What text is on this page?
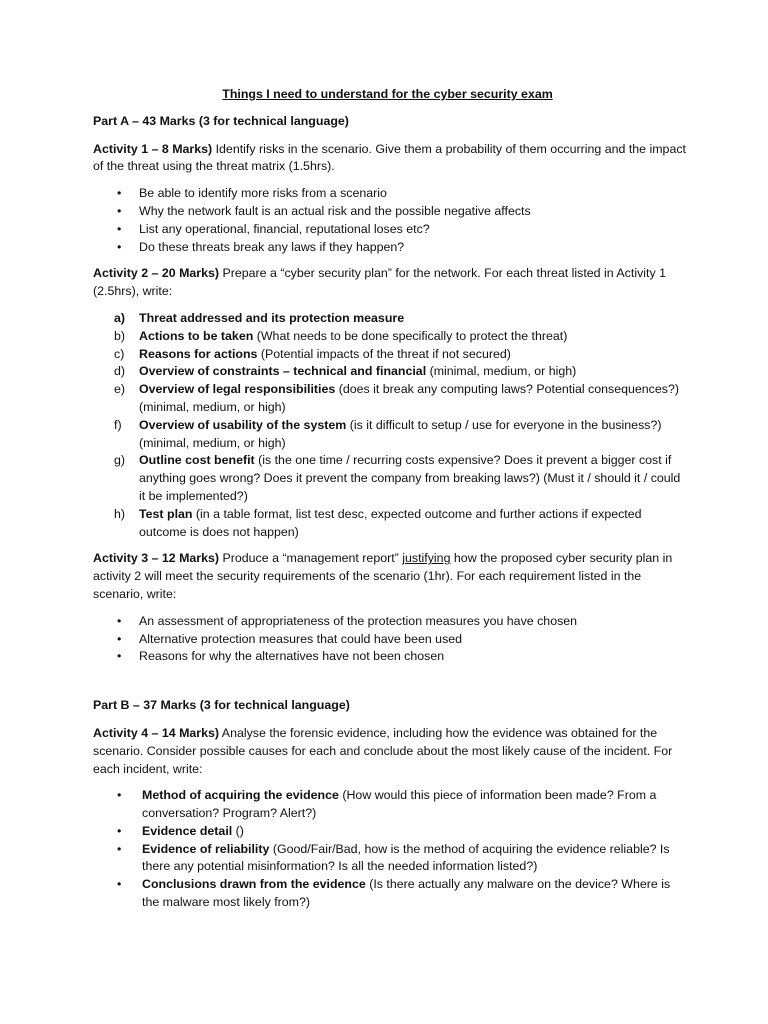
Things I need to understand for the cyber security exam
Part A – 43 Marks (3 for technical language)

Activity 1 – 8 Marks) Identify risks in the scenario. Give them a probability of them occurring and the impact of the threat using the threat matrix (1.5hrs).

• Be able to identify more risks from a scenario
• Why the network fault is an actual risk and the possible negative affects
• List any operational, financial, reputational loses etc?
• Do these threats break any laws if they happen?

Activity 2 – 20 Marks) Prepare a “cyber security plan” for the network. For each threat listed in Activity 1 (2.5hrs), write:

a) Threat addressed and its protection measure
b) Actions to be taken (What needs to be done specifically to protect the threat)
c) Reasons for actions (Potential impacts of the threat if not secured)
d) Overview of constraints – technical and financial (minimal, medium, or high)
e) Overview of legal responsibilities (does it break any computing laws? Potential consequences?) (minimal, medium, or high)
f) Overview of usability of the system (is it difficult to setup / use for everyone in the business?) (minimal, medium, or high)
g) Outline cost benefit (is the one time / recurring costs expensive? Does it prevent a bigger cost if anything goes wrong? Does it prevent the company from breaking laws?) (Must it / should it / could it be implemented?)
h) Test plan (in a table format, list test desc, expected outcome and further actions if expected outcome is does not happen)

Activity 3 – 12 Marks) Produce a “management report” justifying how the proposed cyber security plan in activity 2 will meet the security requirements of the scenario (1hr). For each requirement listed in the scenario, write:

• An assessment of appropriateness of the protection measures you have chosen
• Alternative protection measures that could have been used
• Reasons for why the alternatives have not been chosen
Part B – 37 Marks (3 for technical language)

Activity 4 – 14 Marks) Analyse the forensic evidence, including how the evidence was obtained for the scenario. Consider possible causes for each and conclude about the most likely cause of the incident. For each incident, write:

• Method of acquiring the evidence (How would this piece of information been made? From a conversation? Program? Alert?)
• Evidence detail ()
• Evidence of reliability (Good/Fair/Bad, how is the method of acquiring the evidence reliable? Is there any potential misinformation? Is all the needed information listed?)
• Conclusions drawn from the evidence (Is there actually any malware on the device? Where is the malware most likely from?)
